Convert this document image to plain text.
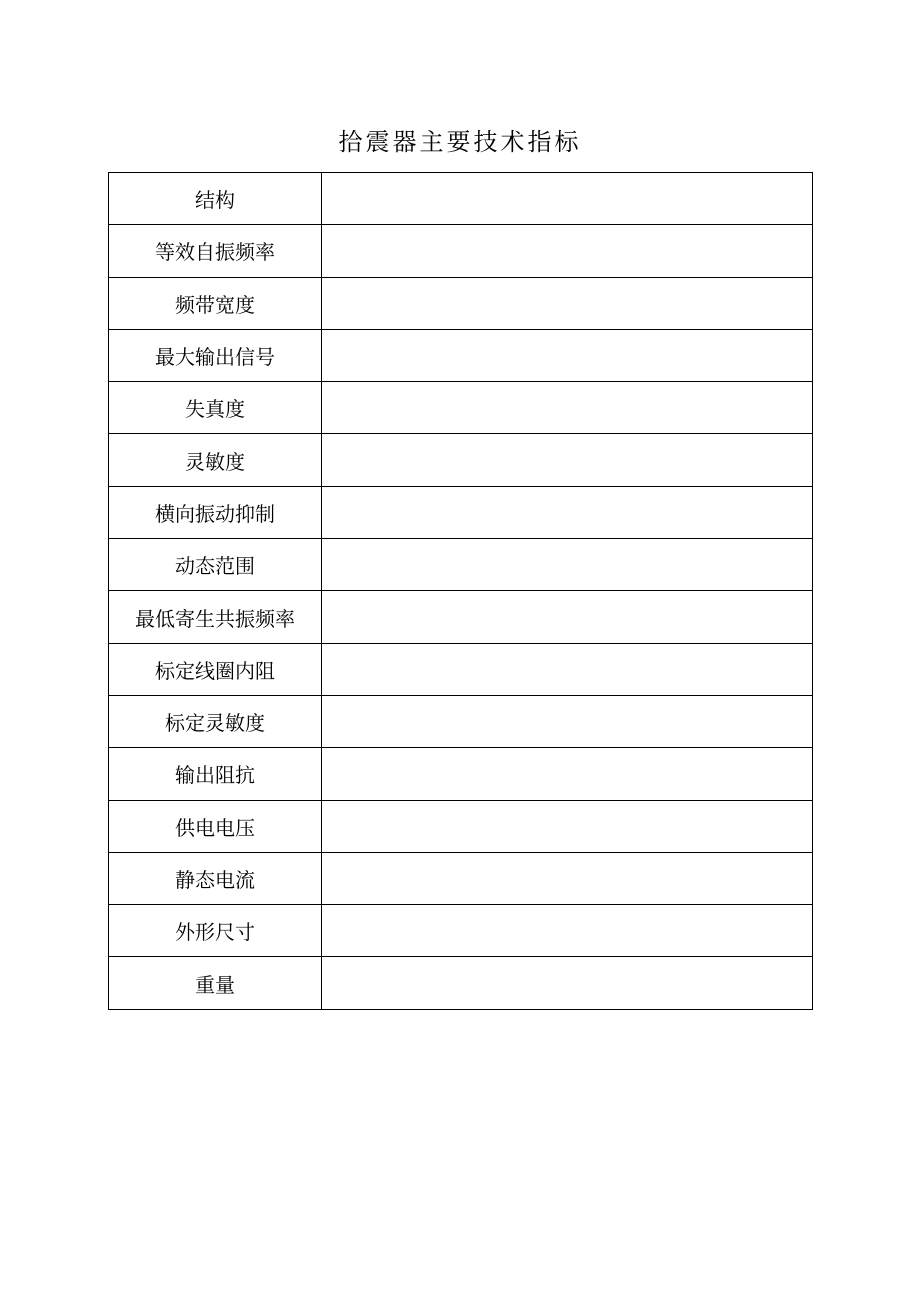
拾震器主要技术指标
结构	
等效自振频率	
频带宽度	
最大输出信号	
失真度	
灵敏度	
横向振动抑制	
动态范围	
最低寄生共振频率	
标定线圈内阻	
标定灵敏度	
输出阻抗	
供电电压	
静态电流	
外形尺寸	
重量	
